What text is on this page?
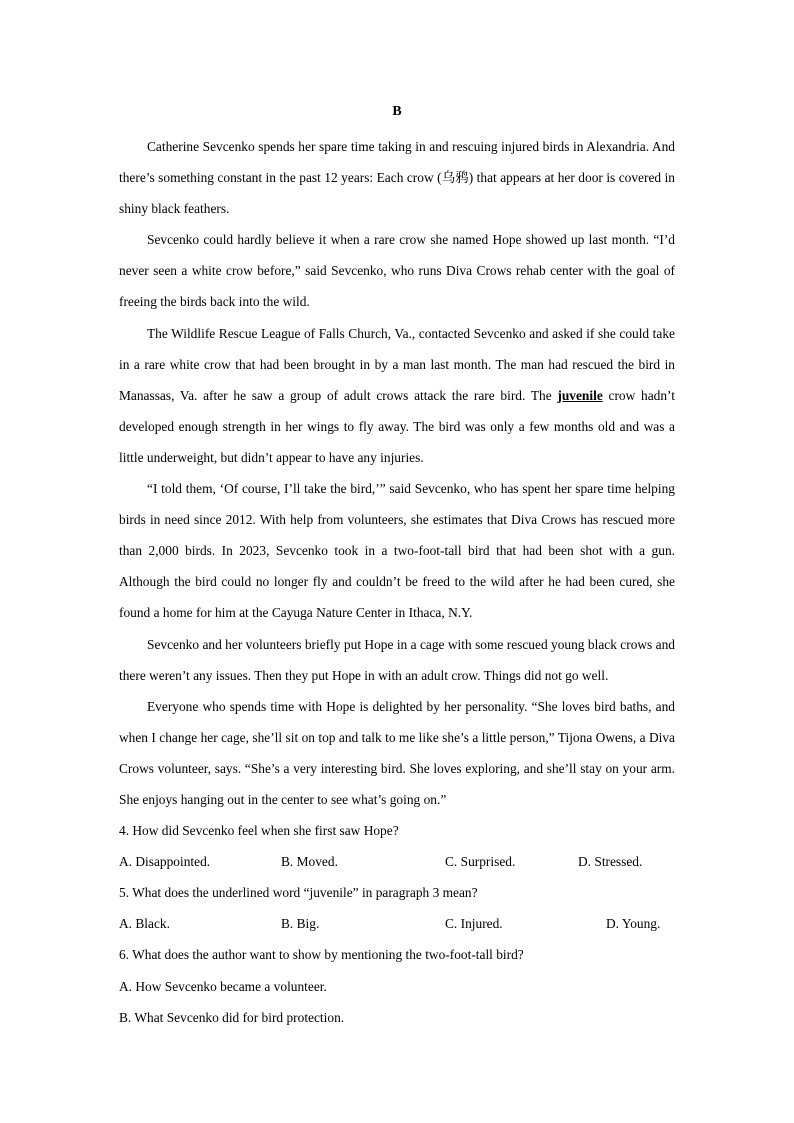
B

Catherine Sevcenko spends her spare time taking in and rescuing injured birds in Alexandria. And there’s something constant in the past 12 years: Each crow (乌鸦) that appears at her door is covered in shiny black feathers.

Sevcenko could hardly believe it when a rare crow she named Hope showed up last month. “I’d never seen a white crow before,” said Sevcenko, who runs Diva Crows rehab center with the goal of freeing the birds back into the wild.

The Wildlife Rescue League of Falls Church, Va., contacted Sevcenko and asked if she could take in a rare white crow that had been brought in by a man last month. The man had rescued the bird in Manassas, Va. after he saw a group of adult crows attack the rare bird. The juvenile crow hadn’t developed enough strength in her wings to fly away. The bird was only a few months old and was a little underweight, but didn’t appear to have any injuries.

“I told them, ‘Of course, I’ll take the bird,’” said Sevcenko, who has spent her spare time helping birds in need since 2012. With help from volunteers, she estimates that Diva Crows has rescued more than 2,000 birds. In 2023, Sevcenko took in a two-foot-tall bird that had been shot with a gun. Although the bird could no longer fly and couldn’t be freed to the wild after he had been cured, she found a home for him at the Cayuga Nature Center in Ithaca, N.Y.

Sevcenko and her volunteers briefly put Hope in a cage with some rescued young black crows and there weren’t any issues. Then they put Hope in with an adult crow. Things did not go well.

Everyone who spends time with Hope is delighted by her personality. “She loves bird baths, and when I change her cage, she’ll sit on top and talk to me like she’s a little person,” Tijona Owens, a Diva Crows volunteer, says. “She’s a very interesting bird. She loves exploring, and she’ll stay on your arm. She enjoys hanging out in the center to see what’s going on.”

4. How did Sevcenko feel when she first saw Hope?

A. Disappointed.	B. Moved.	C. Surprised.	D. Stressed.

5. What does the underlined word “juvenile” in paragraph 3 mean?

A. Black.	B. Big.	C. Injured.	D. Young.

6. What does the author want to show by mentioning the two-foot-tall bird?

A. How Sevcenko became a volunteer.

B. What Sevcenko did for bird protection.
